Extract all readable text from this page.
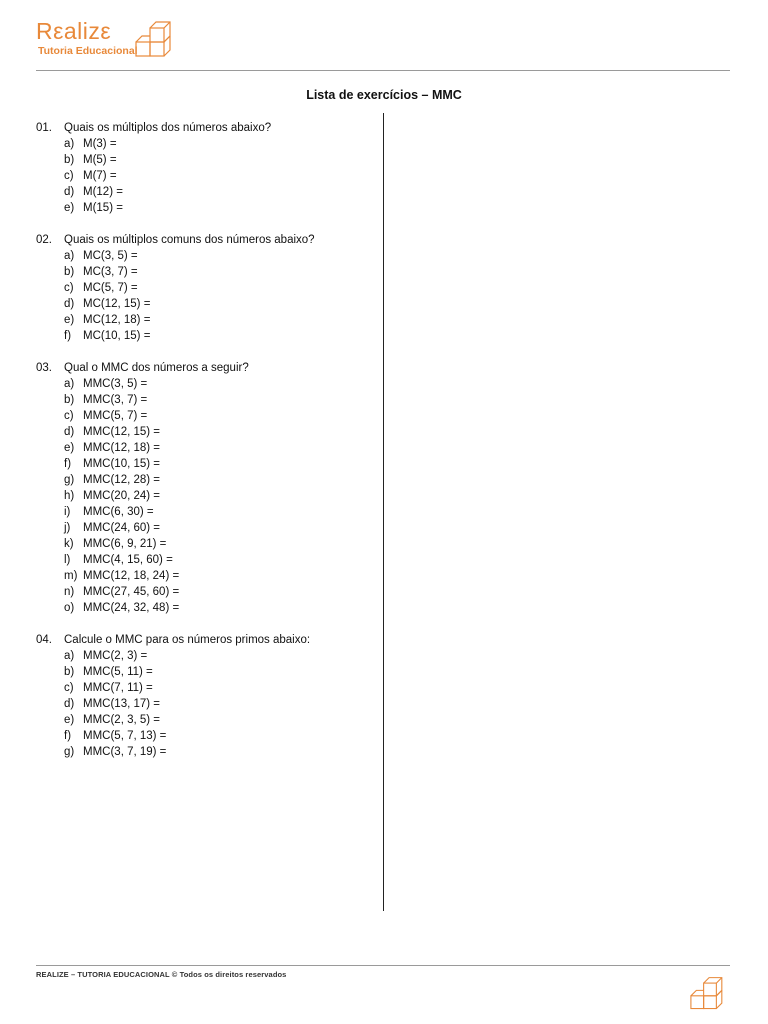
Rεalizε
Tutoria Educacional
Lista de exercícios – MMC
01.	Quais os múltiplos dos números abaixo?
a) M(3) =
b) M(5) =
c) M(7) =
d) M(12) =
e) M(15) =
02.	Quais os múltiplos comuns dos números abaixo?
a) MC(3, 5) =
b) MC(3, 7) =
c) MC(5, 7) =
d) MC(12, 15) =
e) MC(12, 18) =
f) MC(10, 15) =
03.	Qual o MMC dos números a seguir?
a) MMC(3, 5) =
b) MMC(3, 7) =
c) MMC(5, 7) =
d) MMC(12, 15) =
e) MMC(12, 18) =
f) MMC(10, 15) =
g) MMC(12, 28) =
h) MMC(20, 24) =
i) MMC(6, 30) =
j) MMC(24, 60) =
k) MMC(6, 9, 21) =
l) MMC(4, 15, 60) =
m) MMC(12, 18, 24) =
n) MMC(27, 45, 60) =
o) MMC(24, 32, 48) =
04.	Calcule o MMC para os números primos abaixo:
a) MMC(2, 3) =
b) MMC(5, 11) =
c) MMC(7, 11) =
d) MMC(13, 17) =
e) MMC(2, 3, 5) =
f) MMC(5, 7, 13) =
g) MMC(3, 7, 19) =
REALIZE – TUTORIA EDUCACIONAL © Todos os direitos reservados
